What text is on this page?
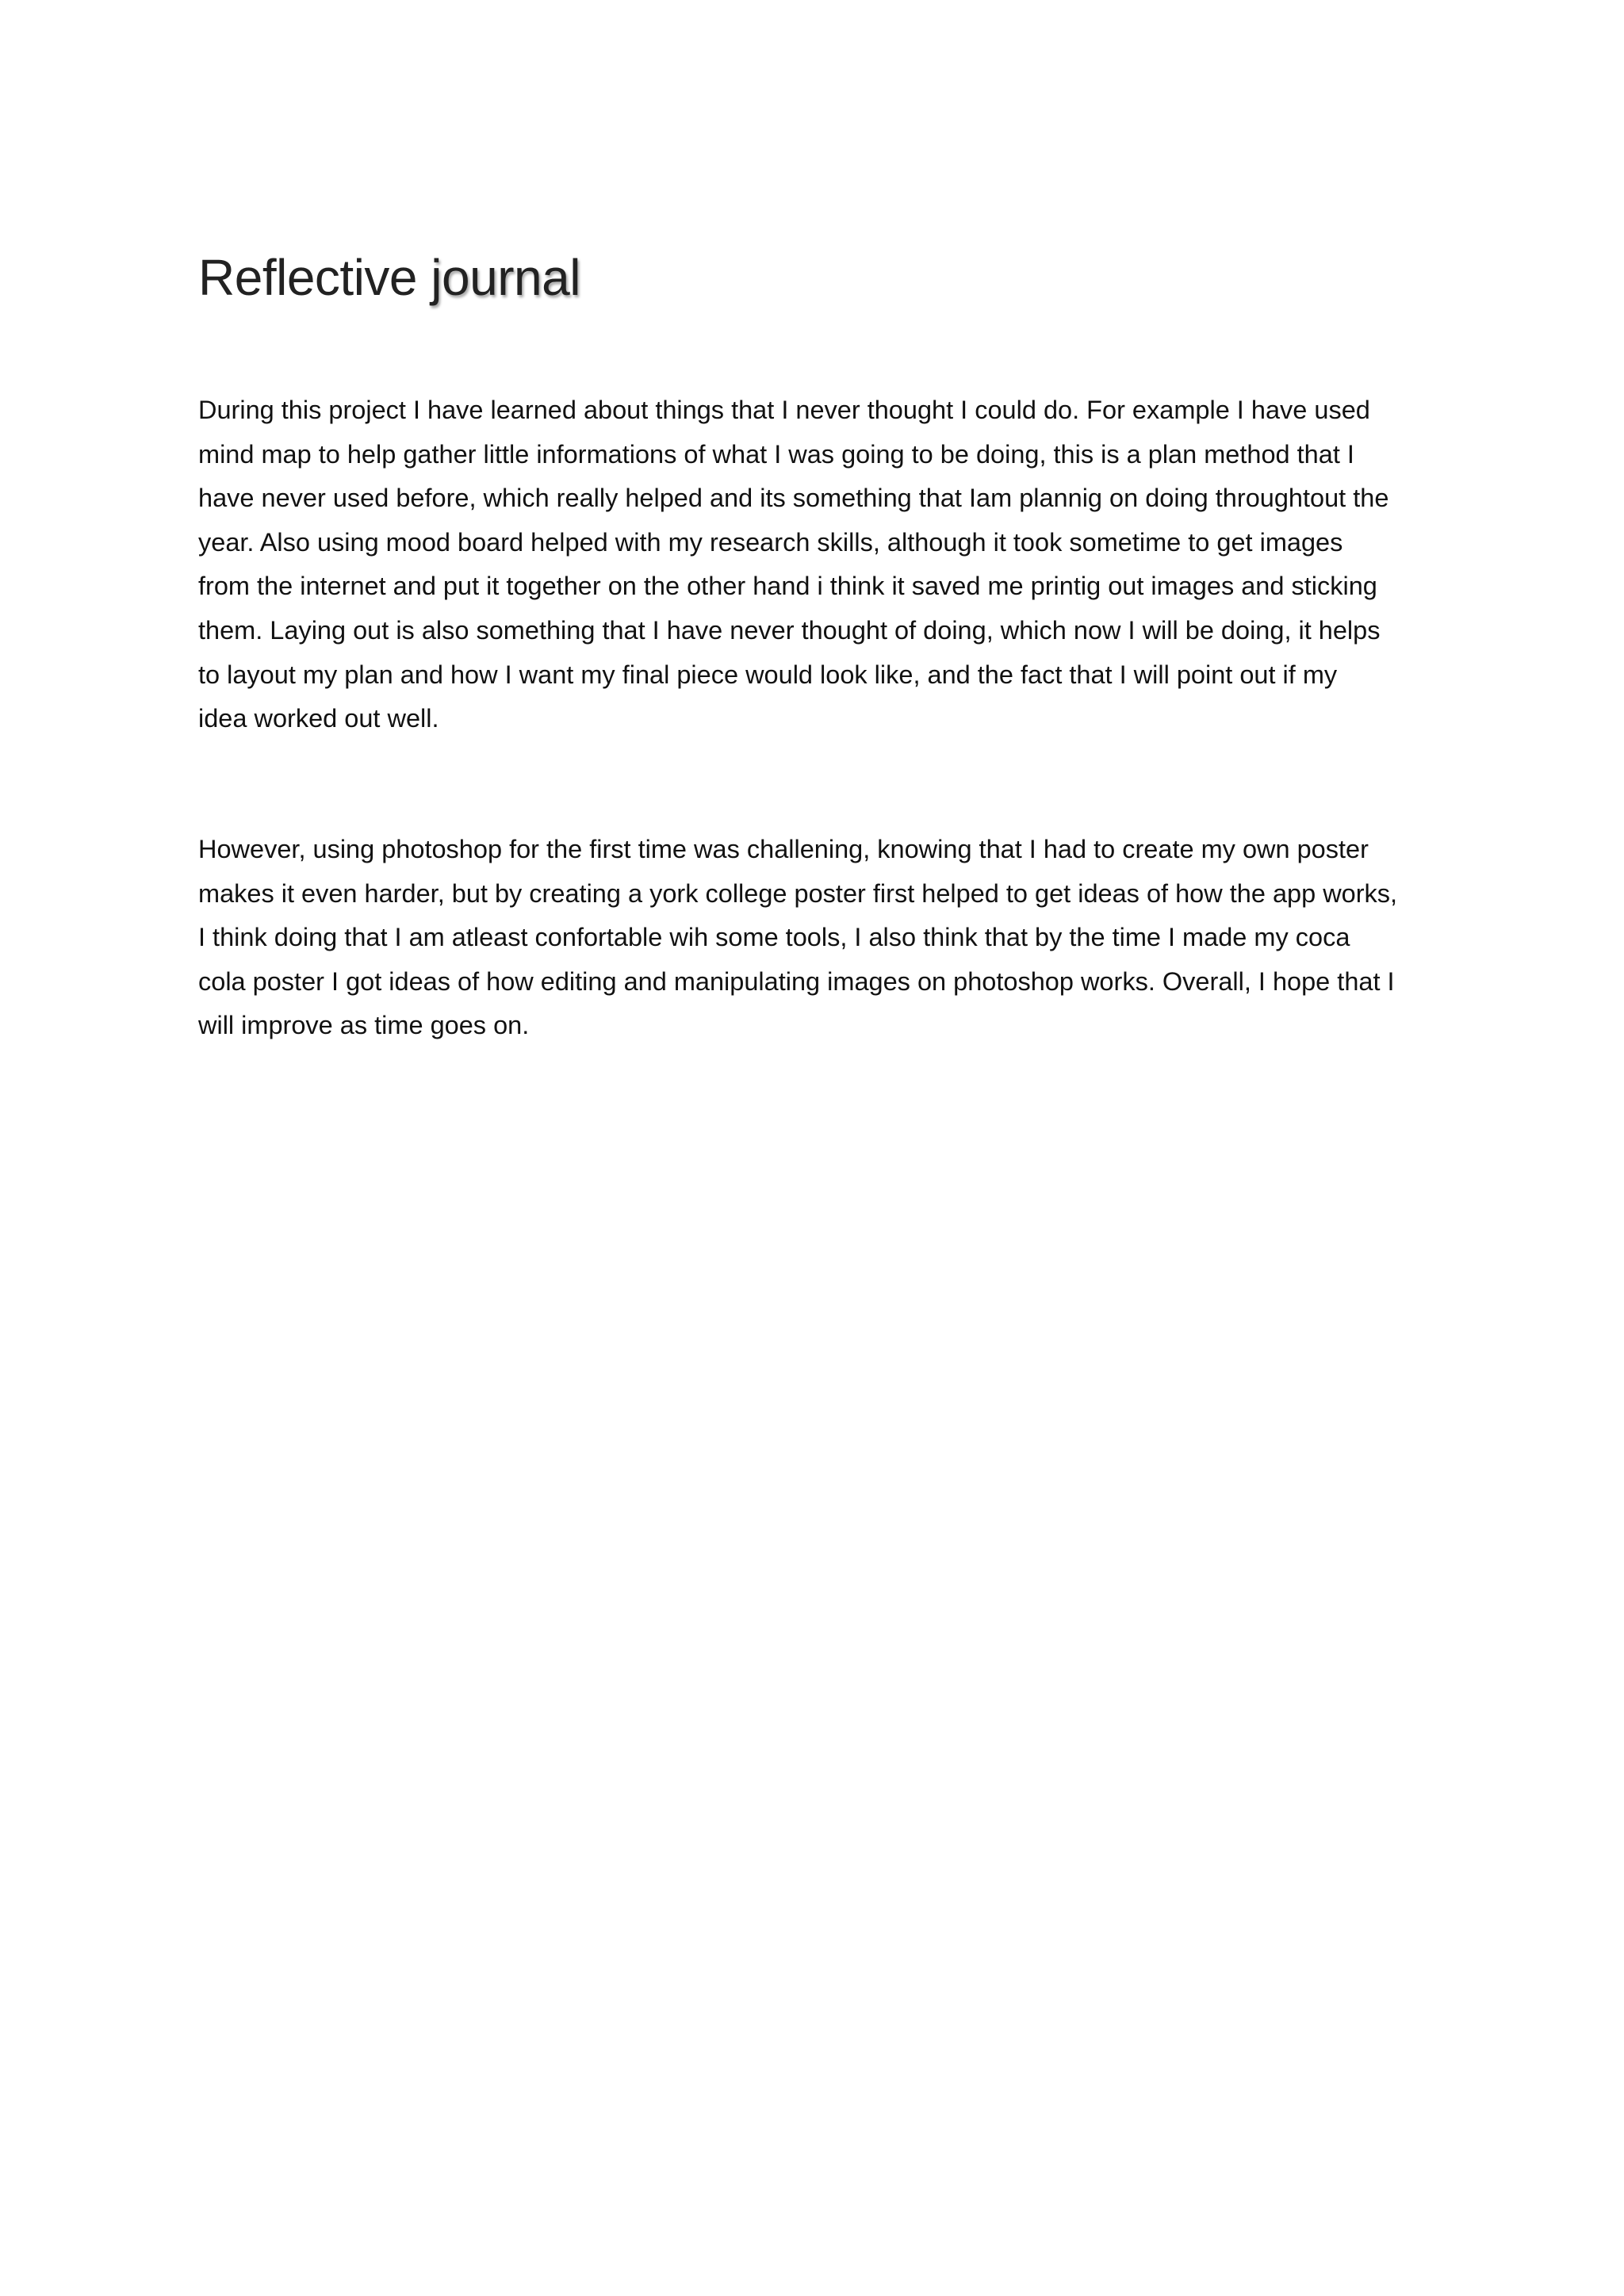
Reflective journal

During this project I have learned about things that I never thought I could do. For example I have used
mind map to help gather little informations of what I was going to be doing, this is a plan method that I
have never used before, which really helped and its something that Iam plannig on doing throughtout the
year. Also using mood board helped with my research skills, although it took sometime to get images
from the internet and put it together on the other hand i think it saved me printig out images and sticking
them. Laying out is also something that I have never thought of doing, which now I will be doing, it helps
to layout my plan and how I want my final piece would look like, and the fact that I will point out if my
idea worked out well.

However, using photoshop for the first time was challening, knowing that I had to create my own poster
makes it even harder, but by creating a york college poster first helped to get ideas of how the app works,
I think doing that I am atleast confortable wih some tools, I also think that by the time I made my coca
cola poster I got ideas of how editing and manipulating images on photoshop works. Overall, I hope that I
will improve as time goes on.
